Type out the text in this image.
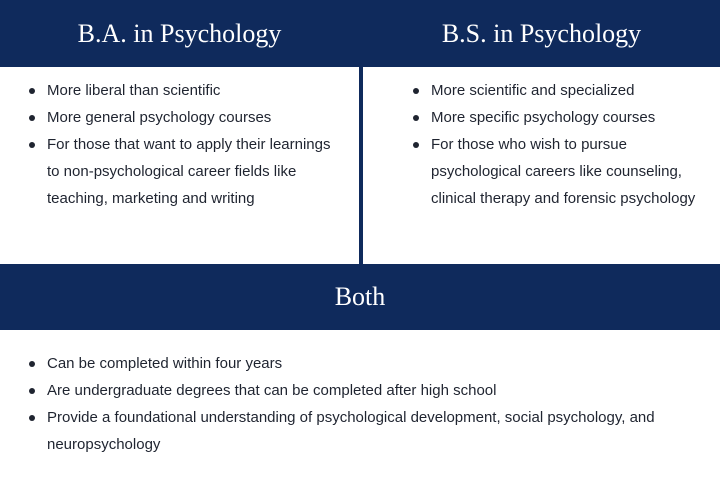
B.A. in Psychology	B.S. in Psychology
More liberal than scientific
More general psychology courses
For those that want to apply their learnings to non-psychological career fields like teaching, marketing and writing
More scientific and specialized
More specific psychology courses
For those who wish to pursue psychological careers like counseling, clinical therapy and forensic psychology
Both
Can be completed within four years
Are undergraduate degrees that can be completed after high school
Provide a foundational understanding of psychological development, social psychology, and neuropsychology
